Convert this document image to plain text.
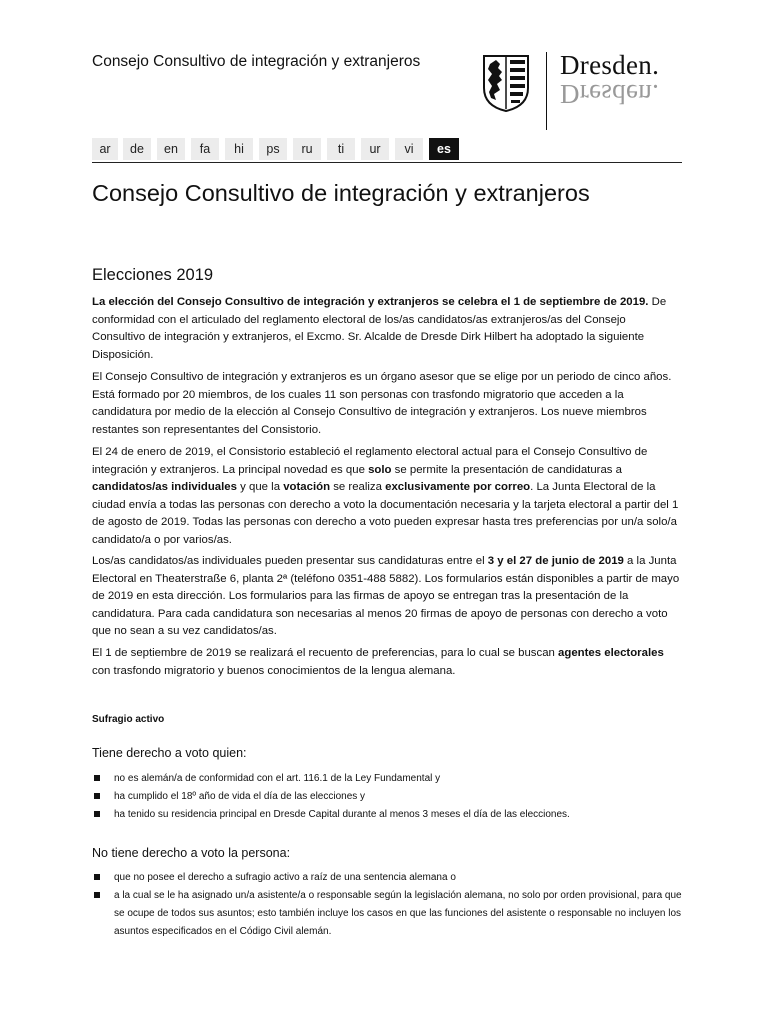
Consejo Consultivo de integración y extranjeros	Dresden.
Dresden.
ar	de	en	fa	hi	ps	ru	ti	ur	vi	es
Consejo Consultivo de integración y extranjeros
Elecciones 2019
La elección del Consejo Consultivo de integración y extranjeros se celebra el 1 de septiembre de 2019. De conformidad con el articulado del reglamento electoral de los/as candidatos/as extranjeros/as del Consejo Consultivo de integración y extranjeros, el Excmo. Sr. Alcalde de Dresde Dirk Hilbert ha adoptado la siguiente Disposición.
El Consejo Consultivo de integración y extranjeros es un órgano asesor que se elige por un periodo de cinco años. Está formado por 20 miembros, de los cuales 11 son personas con trasfondo migratorio que acceden a la candidatura por medio de la elección al Consejo Consultivo de integración y extranjeros. Los nueve miembros restantes son representantes del Consistorio.
El 24 de enero de 2019, el Consistorio estableció el reglamento electoral actual para el Consejo Consultivo de integración y extranjeros. La principal novedad es que solo se permite la presentación de candidaturas a candidatos/as individuales y que la votación se realiza exclusivamente por correo. La Junta Electoral de la ciudad envía a todas las personas con derecho a voto la documentación necesaria y la tarjeta electoral a partir del 1 de agosto de 2019. Todas las personas con derecho a voto pueden expresar hasta tres preferencias por un/a solo/a candidato/a o por varios/as.
Los/as candidatos/as individuales pueden presentar sus candidaturas entre el 3 y el 27 de junio de 2019 a la Junta Electoral en Theaterstraße 6, planta 2ª (teléfono 0351-488 5882). Los formularios están disponibles a partir de mayo de 2019 en esta dirección. Los formularios para las firmas de apoyo se entregan tras la presentación de la candidatura. Para cada candidatura son necesarias al menos 20 firmas de apoyo de personas con derecho a voto que no sean a su vez candidatos/as.
El 1 de septiembre de 2019 se realizará el recuento de preferencias, para lo cual se buscan agentes electorales con trasfondo migratorio y buenos conocimientos de la lengua alemana.
Sufragio activo
Tiene derecho a voto quien:
no es alemán/a de conformidad con el art. 116.1 de la Ley Fundamental y
ha cumplido el 18º año de vida el día de las elecciones y
ha tenido su residencia principal en Dresde Capital durante al menos 3 meses el día de las elecciones.
No tiene derecho a voto la persona:
que no posee el derecho a sufragio activo a raíz de una sentencia alemana o
a la cual se le ha asignado un/a asistente/a o responsable según la legislación alemana, no solo por orden provisional, para que se ocupe de todos sus asuntos; esto también incluye los casos en que las funciones del asistente o responsable no incluyen los asuntos especificados en el Código Civil alemán.
